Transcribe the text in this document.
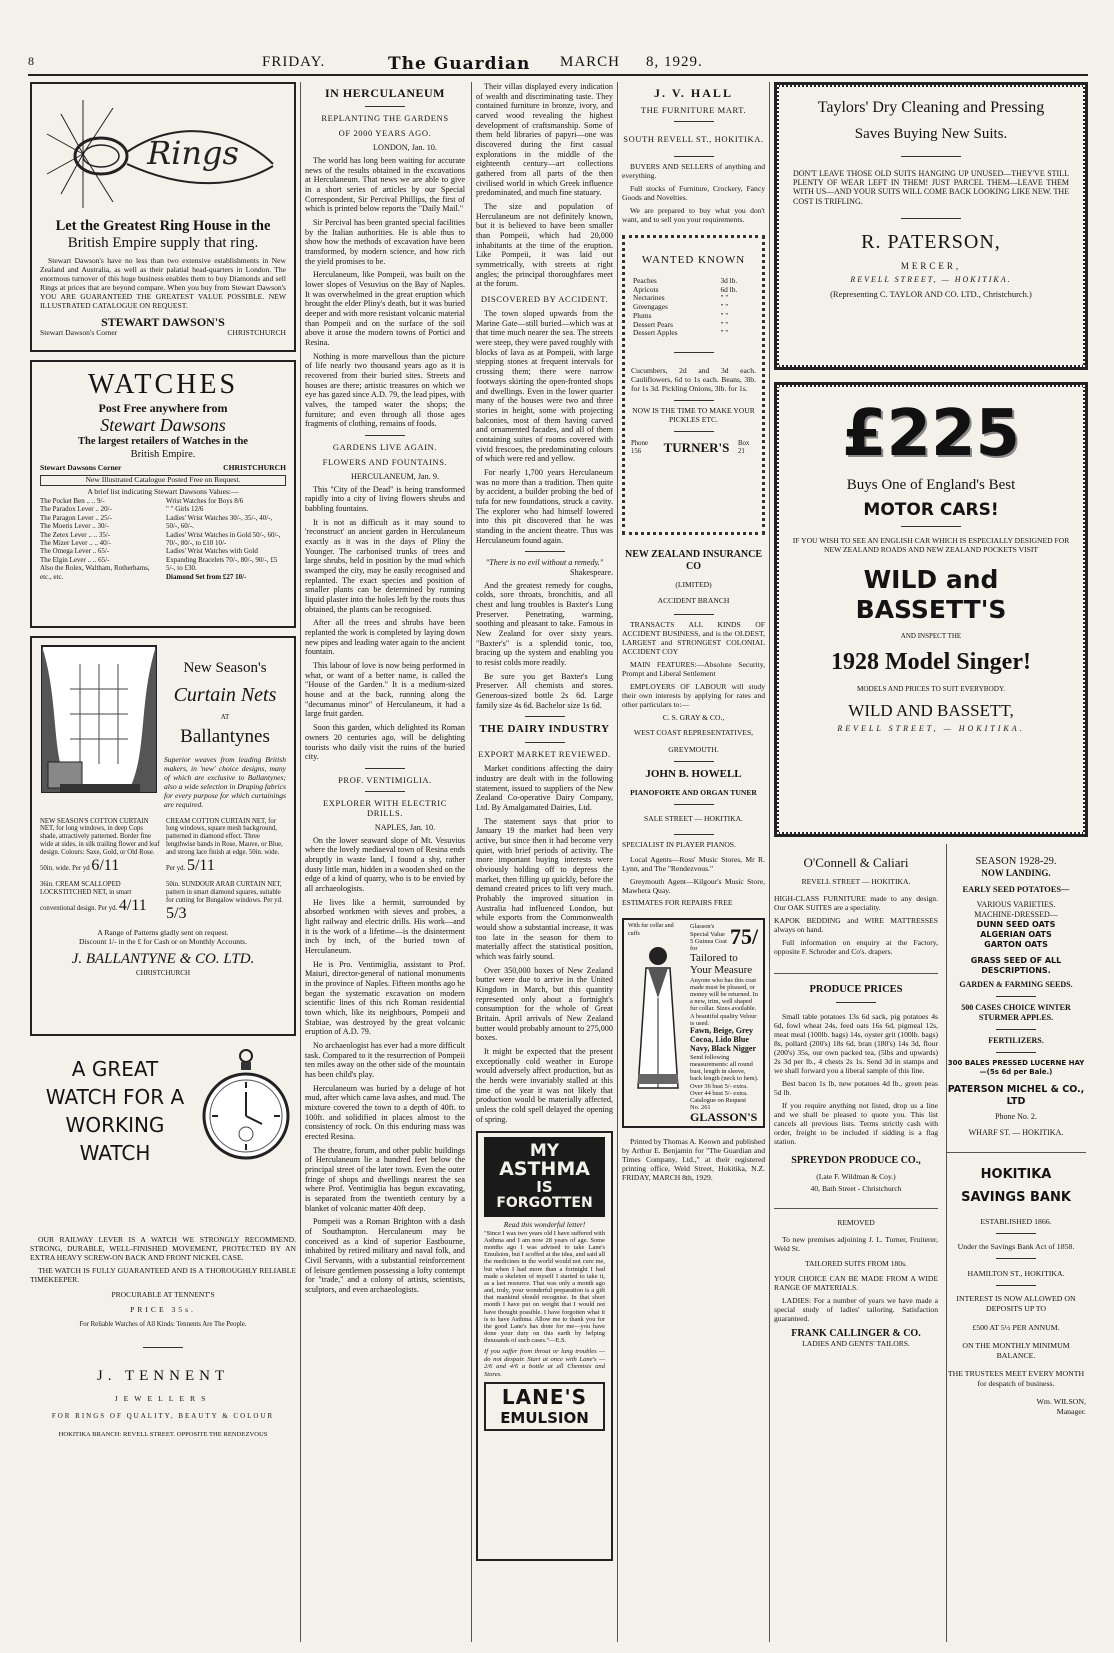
8	FRIDAY.	The Guardian MARCH 8, 1929.
Rings
Let the Greatest Ring House in the
British Empire supply that ring.

Stewart Dawson's have no less than two extensive establishments in New Zealand and Australia, as well as their palatial head-quarters in London. The enormous turnover of this huge business enables them to buy Diamonds and sell Rings at prices that are beyond compare. When you buy from Stewart Dawson's YOU ARE GUARANTEED THE GREATEST VALUE POSSIBLE. NEW ILLUSTRATED CATALOGUE ON REQUEST.

STEWART DAWSON'S
Stewart Dawson's Corner	CHRISTCHURCH
WATCHES
Post Free anywhere from
Stewart Dawsons
The largest retailers of Watches in the
British Empire.
Stewart Dawsons Corner	CHRISTCHURCH
New Illustrated Catalogue Posted Free on Request.
A brief list indicating Stewart Dawsons Values:—
The Pocket Ben .. .. 9/-
The Paradox Lever .. 20/-
The Paragon Lever .. 25/-
The Moeris Lever .. 30/-
The Zetex Lever .. .. 35/-
The Mizer Lever .. .. 40/-
The Omega Lever .. 65/-
The Elgin Lever .. .. 65/-
Also the Rolex, Waltham, Rotherhams, etc., etc.
Wrist Watches for Boys 8/6
" " Girls 12/6
Ladies' Wrist Watches 30/-, 35/-, 40/-, 50/-, 60/-.
Ladies' Wrist Watches in Gold 50/-, 60/-, 70/-, 80/-, to £10 10/-
Ladies' Wrist Watches with Gold Expanding Bracelets 70/-, 80/-, 90/-, £5 5/-, to £30.
Diamond Set from £27 10/-
New Season's
Curtain Nets
AT
Ballantynes

Superior weaves from leading British makers, in 'new' choice designs, many of which are exclusive to Ballantynes; also a wide selection in Draping fabrics for every purpose for which curtainings are required.

NEW SEASON'S COTTON CURTAIN NET, for long windows, in deep Cops shade, attractively patterned. Border fine wide at sides, in silk trailing flower and leaf design. Colours: Saxe, Gold, or Old Rose. 50in. wide. Per yd 6/11
CREAM COTTON CURTAIN NET, for long windows, square mesh background, patterned in diamond effect. Three lengthwise bands in Rose, Mauve, or Blue, and strong lace finish at edge. 50in. wide. Per yd. 5/11
36in. CREAM SCALLOPED LOCKSTITCHED NET, in smart conventional design. Per yd. 4/11
50in. SUNDOUR ARAB CURTAIN NET, pattern in smart diamond squares, suitable for cutting for Bungalow windows. Per yd. 5/3
A Range of Patterns gladly sent on request.
Discount 1/- in the £ for Cash or on Monthly Accounts.
J. BALLANTYNE & CO. LTD.
CHRISTCHURCH
A GREAT
WATCH FOR A
WORKING
WATCH

OUR RAILWAY LEVER IS A WATCH WE STRONGLY RECOMMEND. STRONG, DURABLE, WELL-FINISHED MOVEMENT, PROTECTED BY AN EXTRA HEAVY SCREW-ON BACK AND FRONT NICKEL CASE.

THE WATCH IS FULLY GUARANTEED AND IS A THOROUGHLY RELIABLE TIMEKEEPER.

PROCURABLE AT TENNENT'S
PRICE 35s.
For Reliable Watches of All Kinds: Tennents Are The People.
J. TENNENT
JEWELLERS
FOR RINGS OF QUALITY, BEAUTY & COLOUR
HOKITIKA BRANCH: REVELL STREET. OPPOSITE THE RENDEZVOUS
IN HERCULANEUM
REPLANTING THE GARDENS
OF 2000 YEARS AGO.
LONDON, Jan. 10.

The world has long been waiting for accurate news of the results obtained in the excavations at Herculaneum. That news we are able to give in a short series of articles by our Special Correspondent, Sir Percival Phillips, the first of which is printed below reports the "Daily Mail."

Sir Percival has been granted special facilities by the Italian authorities. He is able thus to show how the methods of excavation have been transformed, by modern science, and how rich the yield promises to be.

Herculaneum, like Pompeii, was built on the lower slopes of Vesuvius on the Bay of Naples. It was overwhelmed in the great eruption which brought the elder Pliny's death, but it was buried deeper and with more resistant volcanic material than Pompeii and on the surface of the soil above it arose the modern towns of Portici and Resina.

Nothing is more marvellous than the picture of life nearly two thousand years ago as it is recovered from their buried sites. Streets and houses are there; artistic treasures on which we eye has gazed since A.D. 79, the lead pipes, with valves, the tamped water the shops; the furniture; and even through all those ages fragments of clothing, remains of foods.

GARDENS LIVE AGAIN.
FLOWERS AND FOUNTAINS.
HERCULANEUM, Jan. 9.

This "City of the Dead" is being transformed rapidly into a city of living flowers shrubs and babbling fountains.

It is not as difficult as it may sound to 'reconstruct' an ancient garden in Herculaneum exactly as it was in the days of Pliny the Younger. The carbonised trunks of trees and large shrubs, held in position by the mud which swamped the city, may be easily recognised and replanted. The exact species and position of smaller plants can be determined by running liquid plaster into the holes left by the roots thus obtained, the plants can be recognised.

After all the trees and shrubs have been replanted the work is completed by laying down new pipes and leading water again to the ancient fountain.

This labour of love is now being performed in what, or want of a better name, is called the "House of the Garden." It is a medium-sized house and at the back, running along the "decumanus minor" of Herculaneum, it had a large fruit garden.

Soon this garden, which delighted its Roman owners 20 centuries ago, will be delighting tourists who daily visit the ruins of the buried city.

PROF. VENTIMIGLIA.
EXPLORER WITH ELECTRIC DRILLS.
NAPLES, Jan. 10.

On the lower seaward slope of Mt. Vesuvius where the lovely mediaeval town of Resina ends abruptly in waste land, I found a shy, rather dusty little man, hidden in a wooden shed on the edge of a kind of quarry, who is to be envied by all archaeologists.

He lives like a hermit, surrounded by absorbed workmen with sieves and probes, a light railway and electric drills. His work—and it is the work of a lifetime—is the disinterment inch by inch, of the buried town of Herculaneum.

He is Pro. Ventimiglia, assistant to Prof. Maiuri, director-general of national monuments in the province of Naples. Fifteen months ago he began the systematic excavation on modern scientific lines of this rich Roman residential town which, like its neighbours, Pompeii and Stabiae, was destroyed by the great volcanic eruption of A.D. 79.

No archaeologist has ever had a more difficult task. Compared to it the resurrection of Pompeii ten miles away on the other side of the mountain has been child's play.

Herculaneum was buried by a deluge of hot mud, after which came lava ashes, and mud. The mixture covered the town to a depth of 40ft. to 100ft. and solidified in places almost to the consistency of rock. On this enduring mass was erected Resina.

The theatre, forum, and other public buildings of Herculaneum lie a hundred feet below the principal street of the later town. Even the outer fringe of shops and dwellings nearest the sea where Prof. Ventimiglia has begun excavating, is separated from the twentieth century by a blanket of volcanic matter 40ft deep.

Pompeii was a Roman Brighton with a dash of Southampton. Herculaneum may be conceived as a kind of superior Eastbourne, inhabited by retired military and naval folk, and Civil Servants, with a substantial reinforcement of leisure gentlemen possessing a lofty contempt for "trade," and a colony of artists, scientists, sculptors, and even archaeologists.

Their villas displayed every indication of wealth and discriminating taste. They contained furniture in bronze, ivory, and carved wood revealing the highest development of craftsmanship. Some of them held libraries of papyri—one was discovered during the first casual explorations in the middle of the eighteenth century—art collections gathered from all parts of the then civilised world in which Greek influence predominated, and much fine statuary.

The size and population of Herculaneum are not definitely known, but it is believed to have been smaller than Pompeii, which had 20,000 inhabitants at the time of the eruption. Like Pompeii, it was laid out symmetrically, with streets at right angles; the principal thoroughfares meet at the forum.

DISCOVERED BY ACCIDENT.

The town sloped upwards from the Marine Gate—still buried—which was at that time much nearer the sea. The streets were steep, they were paved roughly with blocks of lava as at Pompeii, with large stepping stones at frequent intervals for crossing them; there were narrow footways skirting the open-fronted shops and dwellings. Even in the lower quarter many of the houses were two and three stories in height, some with projecting balconies, most of them having carved and ornamented facades, and all of them containing suites of rooms covered with vivid frescoes, the predominating colours of which were red and yellow.

For nearly 1,700 years Herculaneum was no more than a tradition. Then quite by accident, a builder probing the bed of tufa for new foundations, struck a cavity. The explorer who had himself lowered into this pit discovered that he was standing in the ancient theatre. Thus was Herculaneum found again.

"There is no evil without a remedy."
Shakespeare.

And the greatest remedy for coughs, colds, sore throats, bronchitis, and all chest and lung troubles is Baxter's Lung Preserver. Penetrating, warming, soothing and pleasant to take. Famous in New Zealand for over sixty years. "Baxter's" is a splendid tonic, too, bracing up the system and enabling you to resist colds more readily.

Be sure you get Baxter's Lung Preserver. All chemists and stores. Generous-sized bottle 2s 6d. Large family size 4s 6d. Bachelor size 1s 6d.

THE DAIRY INDUSTRY
EXPORT MARKET REVIEWED.

Market conditions affecting the dairy industry are dealt with in the following statement, issued to suppliers of the New Zealand Co-operative Dairy Company, Ltd. By Amalgamated Dairies, Ltd.

The statement says that prior to January 19 the market had been very active, but since then it had become very quiet, with brief periods of activity. The more important buying interests were obviously holding off to depress the market, then filling up quickly, before the demand created prices to lift very much. Probably the improved situation in Australia had influenced London, but while exports from the Commonwealth would show a substantial increase, it was too late in the season for them to materially affect the statistical position, which was fairly sound.

Over 350,000 boxes of New Zealand butter were due to arrive in the United Kingdom in March, but this quantity represented only about a fortnight's consumption for the whole of Great Britain. April arrivals of New Zealand butter would probably amount to 275,000 boxes.

It might be expected that the present exceptionally cold weather in Europe would adversely affect production, but as the herds were invariably stalled at this time of the year it was not likely that production would be materially affected, unless the cold spell delayed the opening of spring.

MY
ASTHMA
IS
FORGOTTEN
Read this wonderful letter!

"Since I was two years old I have suffered with Asthma and I am now 28 years of age. Some months ago I was advised to take Lane's Emulsion, but I scoffed at the idea, and said all the medicines in the world would not cure me, but when I had more than a fortnight I had made a skeleton of myself I started to take it, as a last resource. That was only a month ago and, truly, your wonderful preparation is a gift that mankind should recognise. In that short month I have put on weight that I would not have thought possible. I have forgotten what it is to have Asthma. Allow me to thank you for the good Lane's has done for me—you have done your duty on this earth by helping thousands of such cases."—E.S.

If you suffer from throat or lung troubles —do not despair. Start at once with Lane's —2/6 and 4/6 a bottle at all Chemists and Stores.

LANE'S
EMULSION
J. V. HALL
THE FURNITURE MART.
SOUTH REVELL ST., HOKITIKA.

BUYERS AND SELLERS of anything and everything.

Full stocks of Furniture, Crockery, Fancy Goods and Novelties.

We are prepared to buy what you don't want, and to sell you your requirements.

WANTED KNOWN
Peaches	3d lb.
Apricots	6d lb.
Nectarines	" "
Greengages	" "
Plums	" "
Dessert Pears	" "
Dessert Apples	" "

Cucumbers, 2d and 3d each. Cauliflowers, 6d to 1s each. Beans, 3lb. for 1s 3d. Pickling Onions, 3lb. for 1s.

NOW IS THE TIME TO MAKE YOUR PICKLES ETC.
Phone 156	TURNER'S Box 21
NEW ZEALAND INSURANCE CO
(LIMITED)
ACCIDENT BRANCH

TRANSACTS ALL KINDS OF ACCIDENT BUSINESS, and is the OLDEST, LARGEST and STRONGEST COLONIAL ACCIDENT COY

MAIN FEATURES:—Absolute Security, Prompt and Liberal Settlement

EMPLOYERS OF LABOUR will study their own interests by applying for rates and other particulars to:—

C. S. GRAY & CO.,
WEST COAST REPRESENTATIVES,
GREYMOUTH.
JOHN B. HOWELL
PIANOFORTE AND ORGAN TUNER
SALE STREET — HOKITIKA.
SPECIALIST IN PLAYER PIANOS.

Local Agents—Ross' Music Stores, Mr R. Lynn, and The "Rendezvous."

Greymouth Agent—Kilgour's Music Store, Mawhera Quay.

ESTIMATES FOR REPAIRS FREE
With fur collar and cuffs
Glasson's Special Value 5 Guinea Coat for	75/
Tailored to Your Measure
Anyone who has this coat made must be pleased, or money will be returned. In a new, trim, well shaped fur collar. Sizes available. A beautiful quality Velour is used.
Fawn, Beige, Grey Cocoa, Lido Blue Navy, Black Nigger
Send following measurements: all round bust, length in sleeve, back length (neck to hem). Over 36 bust 5/- extra. Over 44 bust 5/- extra. Catalogue on Request
No. 261
GLASSON'S

Printed by Thomas A. Keown and published by Arthur E. Benjamin for "The Guardian and Times Company, Ltd.," at their registered printing office, Weld Street, Hokitika, N.Z. FRIDAY, MARCH 8th, 1929.

Taylors' Dry Cleaning and Pressing
Saves Buying New Suits.

DON'T LEAVE THOSE OLD SUITS HANGING UP UNUSED—THEY'VE STILL PLENTY OF WEAR LEFT IN THEM! JUST PARCEL THEM—LEAVE THEM WITH US—AND YOUR SUITS WILL COME BACK LOOKING LIKE NEW. THE COST IS TRIFLING.

R. PATERSON,
MERCER,
REVELL STREET, — HOKITIKA.
(Representing C. TAYLOR AND CO. LTD., Christchurch.)
£225
Buys One of England's Best
MOTOR CARS!

IF YOU WISH TO SEE AN ENGLISH CAR WHICH IS ESPECIALLY DESIGNED FOR NEW ZEALAND ROADS AND NEW ZEALAND POCKETS VISIT

WILD and BASSETT'S
AND INSPECT THE
1928 Model Singer!
MODELS AND PRICES TO SUIT EVERYBODY.
WILD AND BASSETT,
REVELL STREET, — HOKITIKA.
O'Connell & Caliari
REVELL STREET — HOKITIKA.

HIGH-CLASS FURNITURE made to any design. Our OAK SUITES are a speciality.

KAPOK BEDDING and WIRE MATTRESSES always on hand.

Full information on enquiry at the Factory, opposite F. Schroder and Co's. drapers.

PRODUCE PRICES

Small table potatoes 13s 6d sack, pig potatoes 4s 6d, fowl wheat 24s, feed oats 16s 6d, pigmeal 12s, meat meal (100lb. bags) 14s, oyster grit (100lb. bags) 8s, pollard (200's) 18s 6d, bran (180's) 14s 3d, flour (200's) 35s, our own packed tea, (5lbs and upwards) 2s 3d per lb., 4 chests 2s 1s. Send 3d in stamps and we shall forward you a liberal sample of this line.

Best bacon 1s lb, new potatoes 4d lb., green peas 5d lb.

If you require anything not listed, drop us a line and we shall be pleased to quote you. This list cancels all previous lists. Terms strictly cash with order, freight to be included if sidding is a flag station.

SPREYDON PRODUCE CO.,
(Late F. Wildman & Coy.)
40, Bath Street - Christchurch
REMOVED

To new premises adjoining J. L. Turner, Fruiterer, Weld St.

TAILORED SUITS FROM 180s.

YOUR CHOICE CAN BE MADE FROM A WIDE RANGE OF MATERIALS.

LADIES: For a number of years we have made a special study of ladies' tailoring. Satisfaction guaranteed.

FRANK CALLINGER & CO.
LADIES AND GENTS' TAILORS.
SEASON 1928-29.
NOW LANDING.
EARLY SEED POTATOES—
VARIOUS VARIETIES.
MACHINE-DRESSED—
DUNN SEED OATS
ALGERIAN OATS
GARTON OATS
GRASS SEED OF ALL DESCRIPTIONS.
GARDEN & FARMING SEEDS.
500 CASES CHOICE WINTER STURMER APPLES.
FERTILIZERS.
300 BALES PRESSED LUCERNE HAY—(5s 6d per Bale.)
PATERSON MICHEL & CO., LTD
Phone No. 2.
WHARF ST. — HOKITIKA.
HOKITIKA
SAVINGS BANK
ESTABLISHED 1866.
Under the Savings Bank Act of 1858.
HAMILTON ST., HOKITIKA.
INTEREST IS NOW ALLOWED ON DEPOSITS UP TO
£500 AT 5½ PER ANNUM.
ON THE MONTHLY MINIMUM BALANCE.
THE TRUSTEES MEET EVERY MONTH for despatch of business.
Wm. WILSON,
Manager.
